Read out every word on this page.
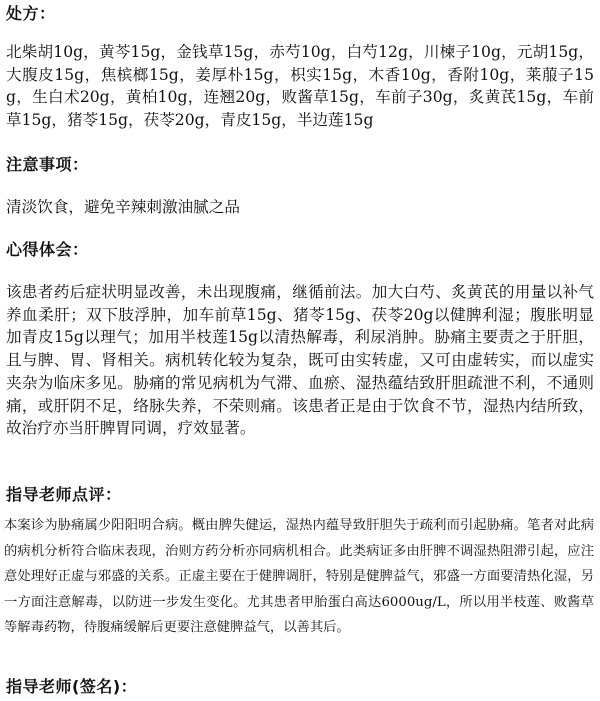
处方：
北柴胡10g，黄芩15g，金钱草15g，赤芍10g，白芍12g，川楝子10g，元胡15g，大腹皮15g，焦槟榔15g，姜厚朴15g，枳实15g，木香10g，香附10g，莱菔子15g，生白术20g，黄柏10g，连翘20g，败酱草15g，车前子30g，炙黄芪15g，车前草15g，猪苓15g，茯苓20g，青皮15g，半边莲15g
注意事项：
清淡饮食，避免辛辣刺激油腻之品
心得体会：
该患者药后症状明显改善，未出现腹痛，继循前法。加大白芍、炙黄芪的用量以补气养血柔肝；双下肢浮肿，加车前草15g、猪苓15g、茯苓20g以健脾利湿；腹胀明显加青皮15g以理气；加用半枝莲15g以清热解毒，利尿消肿。胁痛主要责之于肝胆，且与脾、胃、肾相关。病机转化较为复杂，既可由实转虚，又可由虚转实，而以虚实夹杂为临床多见。胁痛的常见病机为气滞、血瘀、湿热蕴结致肝胆疏泄不利，不通则痛，或肝阴不足，络脉失养，不荣则痛。该患者正是由于饮食不节，湿热内结所致，故治疗亦当肝脾胃同调，疗效显著。
指导老师点评：
本案诊为胁痛属少阳阳明合病。概由脾失健运，湿热内蕴导致肝胆失于疏利而引起胁痛。笔者对此病的病机分析符合临床表现，治则方药分析亦同病机相合。此类病证多由肝脾不调湿热阻滞引起，应注意处理好正虚与邪盛的关系。正虚主要在于健脾调肝，特别是健脾益气，邪盛一方面要清热化湿，另一方面注意解毒，以防进一步发生变化。尤其患者甲胎蛋白高达6000ug/L，所以用半枝莲、败酱草等解毒药物，待腹痛缓解后更要注意健脾益气，以善其后。
指导老师(签名)：
